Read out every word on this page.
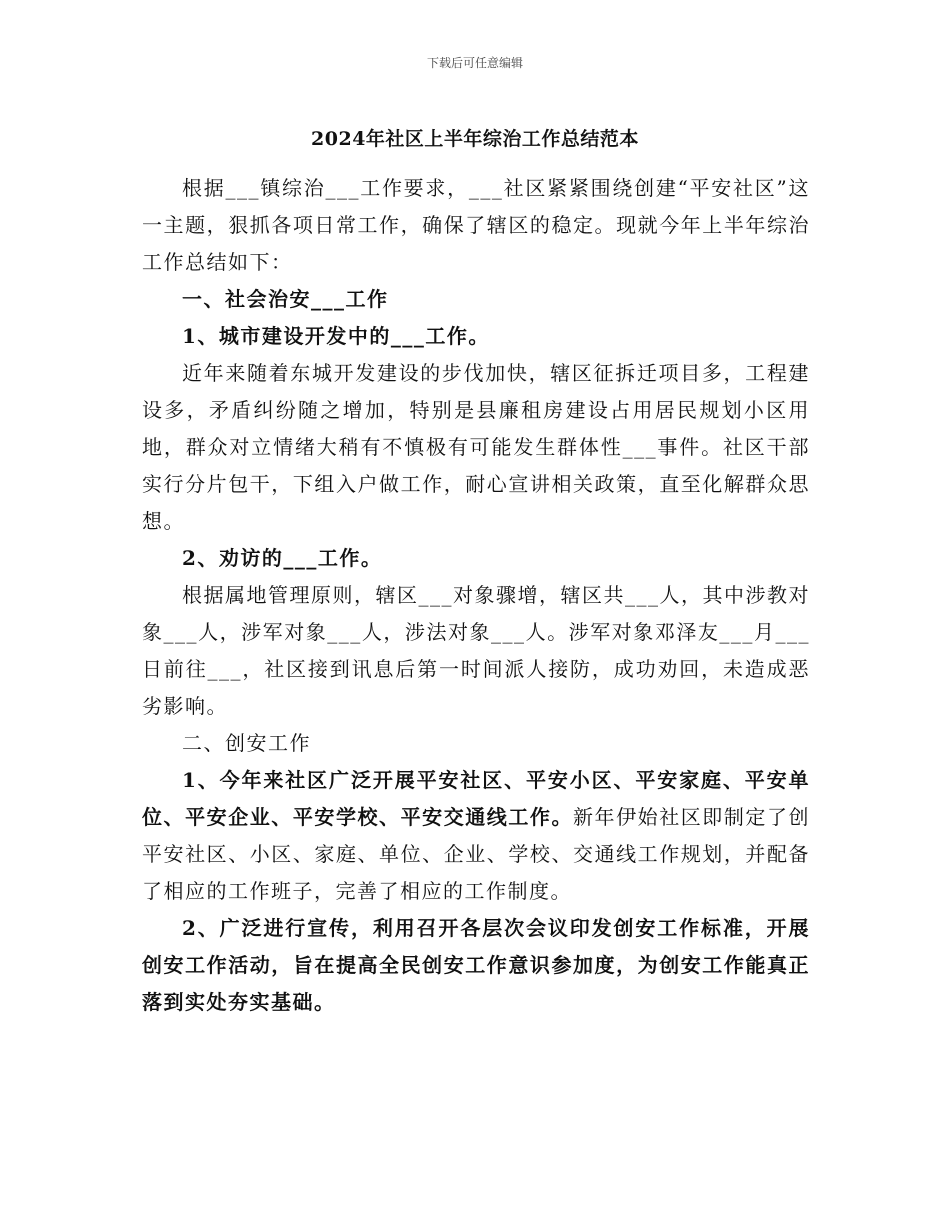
下载后可任意编辑
2024年社区上半年综治工作总结范本

根据___镇综治___工作要求，___社区紧紧围绕创建“平安社区”这一主题，狠抓各项日常工作，确保了辖区的稳定。现就今年上半年综治工作总结如下：

一、社会治安___工作

1、城市建设开发中的___工作。

近年来随着东城开发建设的步伐加快，辖区征拆迁项目多，工程建设多，矛盾纠纷随之增加，特别是县廉租房建设占用居民规划小区用地，群众对立情绪大稍有不慎极有可能发生群体性___事件。社区干部实行分片包干，下组入户做工作，耐心宣讲相关政策，直至化解群众思想。

2、劝访的___工作。

根据属地管理原则，辖区___对象骤增，辖区共___人，其中涉教对象___人，涉军对象___人，涉法对象___人。涉军对象邓泽友___月___日前往___，社区接到讯息后第一时间派人接防，成功劝回，未造成恶劣影响。

二、创安工作

1、今年来社区广泛开展平安社区、平安小区、平安家庭、平安单位、平安企业、平安学校、平安交通线工作。新年伊始社区即制定了创平安社区、小区、家庭、单位、企业、学校、交通线工作规划，并配备了相应的工作班子，完善了相应的工作制度。

2、广泛进行宣传，利用召开各层次会议印发创安工作标准，开展创安工作活动，旨在提高全民创安工作意识参加度，为创安工作能真正落到实处夯实基础。
